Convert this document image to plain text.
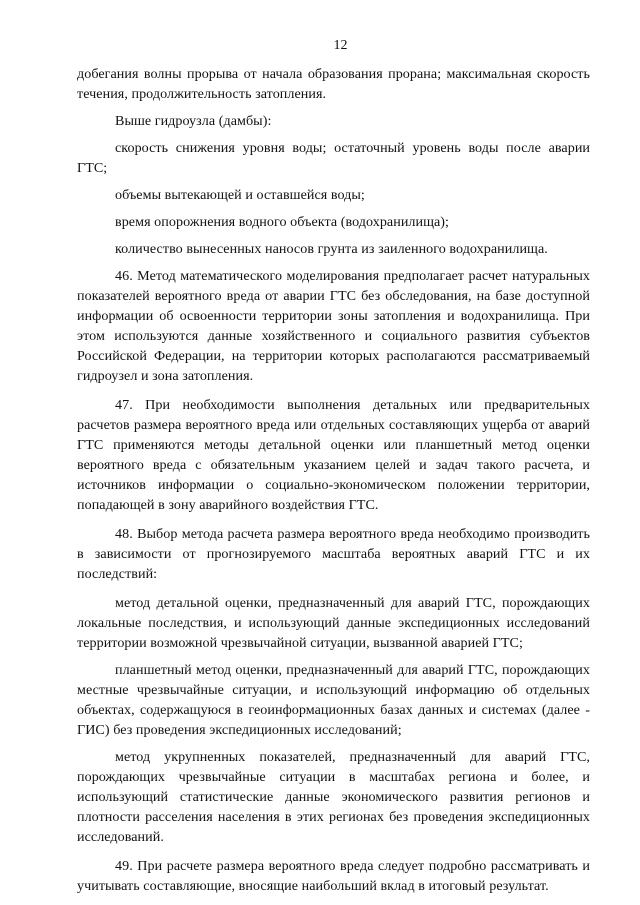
12

добегания волны прорыва от начала образования прорана; максимальная скорость течения, продолжительность затопления.

Выше гидроузла (дамбы):

скорость снижения уровня воды; остаточный уровень воды после аварии ГТС;

объемы вытекающей и оставшейся воды;

время опорожнения водного объекта (водохранилища);

количество вынесенных наносов грунта из заиленного водохранилища.

46. Метод математического моделирования предполагает расчет натуральных показателей вероятного вреда от аварии ГТС без обследования, на базе доступной информации об освоенности территории зоны затопления и водохранилища. При этом используются данные хозяйственного и социального развития субъектов Российской Федерации, на территории которых располагаются рассматриваемый гидроузел и зона затопления.

47. При необходимости выполнения детальных или предварительных расчетов размера вероятного вреда или отдельных составляющих ущерба от аварий ГТС применяются методы детальной оценки или планшетный метод оценки вероятного вреда с обязательным указанием целей и задач такого расчета, и источников информации о социально-экономическом положении территории, попадающей в зону аварийного воздействия ГТС.

48. Выбор метода расчета размера вероятного вреда необходимо производить в зависимости от прогнозируемого масштаба вероятных аварий ГТС и их последствий:

метод детальной оценки, предназначенный для аварий ГТС, порождающих локальные последствия, и использующий данные экспедиционных исследований территории возможной чрезвычайной ситуации, вызванной аварией ГТС;

планшетный метод оценки, предназначенный для аварий ГТС, порождающих местные чрезвычайные ситуации, и использующий информацию об отдельных объектах, содержащуюся в геоинформационных базах данных и системах (далее - ГИС) без проведения экспедиционных исследований;

метод укрупненных показателей, предназначенный для аварий ГТС, порождающих чрезвычайные ситуации в масштабах региона и более, и использующий статистические данные экономического развития регионов и плотности расселения населения в этих регионах без проведения экспедиционных исследований.

49. При расчете размера вероятного вреда следует подробно рассматривать и учитывать составляющие, вносящие наибольший вклад в итоговый результат.
